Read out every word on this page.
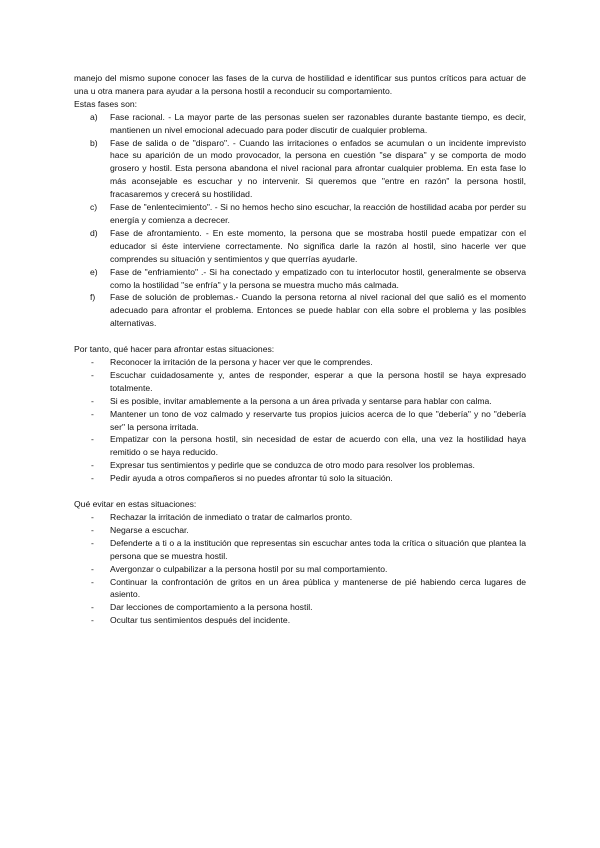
manejo del mismo supone conocer las fases de la curva de hostilidad e identificar sus puntos críticos para actuar de una u otra manera para ayudar a la persona hostil a reconducir su comportamiento.

Estas fases son:

a) Fase racional. - La mayor parte de las personas suelen ser razonables durante bastante tiempo, es decir, mantienen un nivel emocional adecuado para poder discutir de cualquier problema.
b) Fase de salida o de "disparo". - Cuando las irritaciones o enfados se acumulan o un incidente imprevisto hace su aparición de un modo provocador, la persona en cuestión "se dispara" y se comporta de modo grosero y hostil. Esta persona abandona el nivel racional para afrontar cualquier problema. En esta fase lo más aconsejable es escuchar y no intervenir. Si queremos que "entre en razón" la persona hostil, fracasaremos y crecerá su hostilidad.
c) Fase de "enlentecimiento". - Si no hemos hecho sino escuchar, la reacción de hostilidad acaba por perder su energía y comienza a decrecer.
d) Fase de afrontamiento. - En este momento, la persona que se mostraba hostil puede empatizar con el educador si éste interviene correctamente. No significa darle la razón al hostil, sino hacerle ver que comprendes su situación y sentimientos y que querrías ayudarle.
e) Fase de "enfriamiento" .- Si ha conectado y empatizado con tu interlocutor hostil, generalmente se observa como la hostilidad "se enfría" y la persona se muestra mucho más calmada.
f) Fase de solución de problemas.- Cuando la persona retorna al nivel racional del que salió es el momento adecuado para afrontar el problema. Entonces se puede hablar con ella sobre el problema y las posibles alternativas.

Por tanto, qué hacer para afrontar estas situaciones:

- Reconocer la irritación de la persona y hacer ver que le comprendes.
- Escuchar cuidadosamente y, antes de responder, esperar a que la persona hostil se haya expresado totalmente.
- Si es posible, invitar amablemente a la persona a un área privada y sentarse para hablar con calma.
- Mantener un tono de voz calmado y reservarte tus propios juicios acerca de lo que "debería" y no "debería ser" la persona irritada.
- Empatizar con la persona hostil, sin necesidad de estar de acuerdo con ella, una vez la hostilidad haya remitido o se haya reducido.
- Expresar tus sentimientos y pedirle que se conduzca de otro modo para resolver los problemas.
- Pedir ayuda a otros compañeros si no puedes afrontar tú solo la situación.

Qué evitar en estas situaciones:

- Rechazar la irritación de inmediato o tratar de calmarlos pronto.
- Negarse a escuchar.
- Defenderte a ti o a la institución que representas sin escuchar antes toda la crítica o situación que plantea la persona que se muestra hostil.
- Avergonzar o culpabilizar a la persona hostil por su mal comportamiento.
- Continuar la confrontación de gritos en un área pública y mantenerse de pié habiendo cerca lugares de asiento.
- Dar lecciones de comportamiento a la persona hostil.
- Ocultar tus sentimientos después del incidente.
